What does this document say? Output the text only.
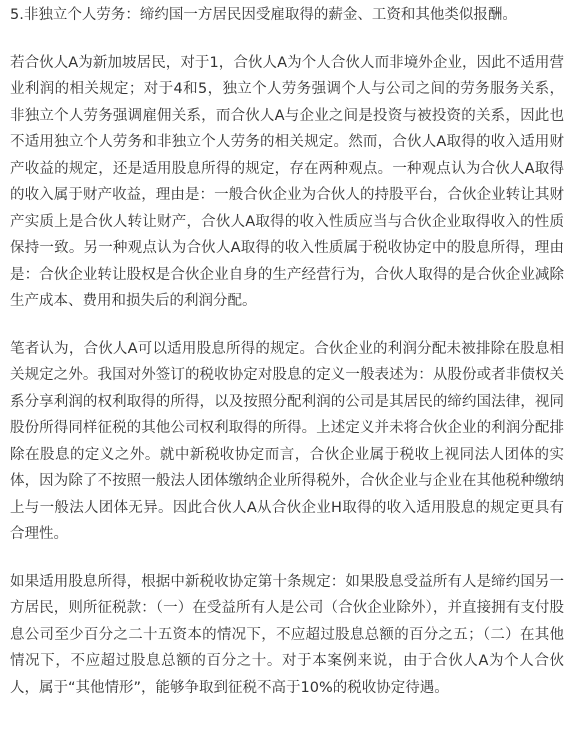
5.非独立个人劳务：缔约国一方居民因受雇取得的薪金、工资和其他类似报酬。

若合伙人A为新加坡居民，对于1，合伙人A为个人合伙人而非境外企业，因此不适用营业利润的相关规定；对于4和5，独立个人劳务强调个人与公司之间的劳务服务关系，非独立个人劳务强调雇佣关系，而合伙人A与企业之间是投资与被投资的关系，因此也不适用独立个人劳务和非独立个人劳务的相关规定。然而，合伙人A取得的收入适用财产收益的规定，还是适用股息所得的规定，存在两种观点。一种观点认为合伙人A取得的收入属于财产收益，理由是：一般合伙企业为合伙人的持股平台，合伙企业转让其财产实质上是合伙人转让财产，合伙人A取得的收入性质应当与合伙企业取得收入的性质保持一致。另一种观点认为合伙人A取得的收入性质属于税收协定中的股息所得，理由是：合伙企业转让股权是合伙企业自身的生产经营行为，合伙人取得的是合伙企业减除生产成本、费用和损失后的利润分配。

笔者认为，合伙人A可以适用股息所得的规定。合伙企业的利润分配未被排除在股息相关规定之外。我国对外签订的税收协定对股息的定义一般表述为：从股份或者非债权关系分享利润的权利取得的所得，以及按照分配利润的公司是其居民的缔约国法律，视同股份所得同样征税的其他公司权利取得的所得。上述定义并未将合伙企业的利润分配排除在股息的定义之外。就中新税收协定而言，合伙企业属于税收上视同法人团体的实体，因为除了不按照一般法人团体缴纳企业所得税外，合伙企业与企业在其他税种缴纳上与一般法人团体无异。因此合伙人A从合伙企业H取得的收入适用股息的规定更具有合理性。

如果适用股息所得，根据中新税收协定第十条规定：如果股息受益所有人是缔约国另一方居民，则所征税款：（一）在受益所有人是公司（合伙企业除外），并直接拥有支付股息公司至少百分之二十五资本的情况下，不应超过股息总额的百分之五；（二）在其他情况下，不应超过股息总额的百分之十。对于本案例来说，由于合伙人A为个人合伙人，属于“其他情形”，能够争取到征税不高于10%的税收协定待遇。
